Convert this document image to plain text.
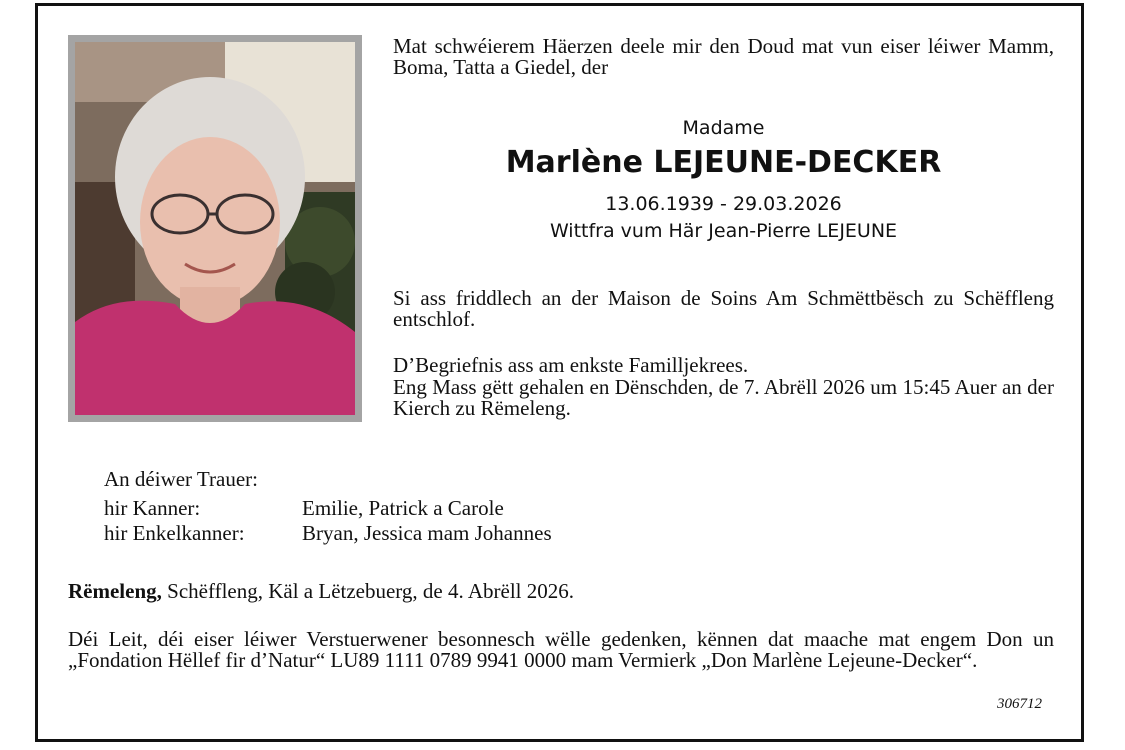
Mat schwéierem Häerzen deele mir den Doud mat vun eiser léiwer Mamm, Boma, Tatta a Giedel, der

Madame

Marlène LEJEUNE-DECKER

13.06.1939 - 29.03.2026

Wittfra vum Här Jean-Pierre LEJEUNE

Si ass friddlech an der Maison de Soins Am Schmëttbësch zu Schëffleng entschlof.

D’Begriefnis ass am enkste Familljekrees.

Eng Mass gëtt gehalen en Dënschden, de 7. Abrëll 2026 um 15:45 Auer an der Kierch zu Rëmeleng.

An déiwer Trauer:
hir Kanner:	Emilie, Patrick a Carole
hir Enkelkanner:	Bryan, Jessica mam Johannes
Rëmeleng, Schëffleng, Käl a Lëtzebuerg, de 4. Abrëll 2026.

Déi Leit, déi eiser léiwer Verstuerwener besonnesch wëlle gedenken, kënnen dat maache mat engem Don un „Fondation Hëllef fir d’Natur“ LU89 1111 0789 9941 0000 mam Vermierk „Don Marlène Lejeune-Decker“.

306712
